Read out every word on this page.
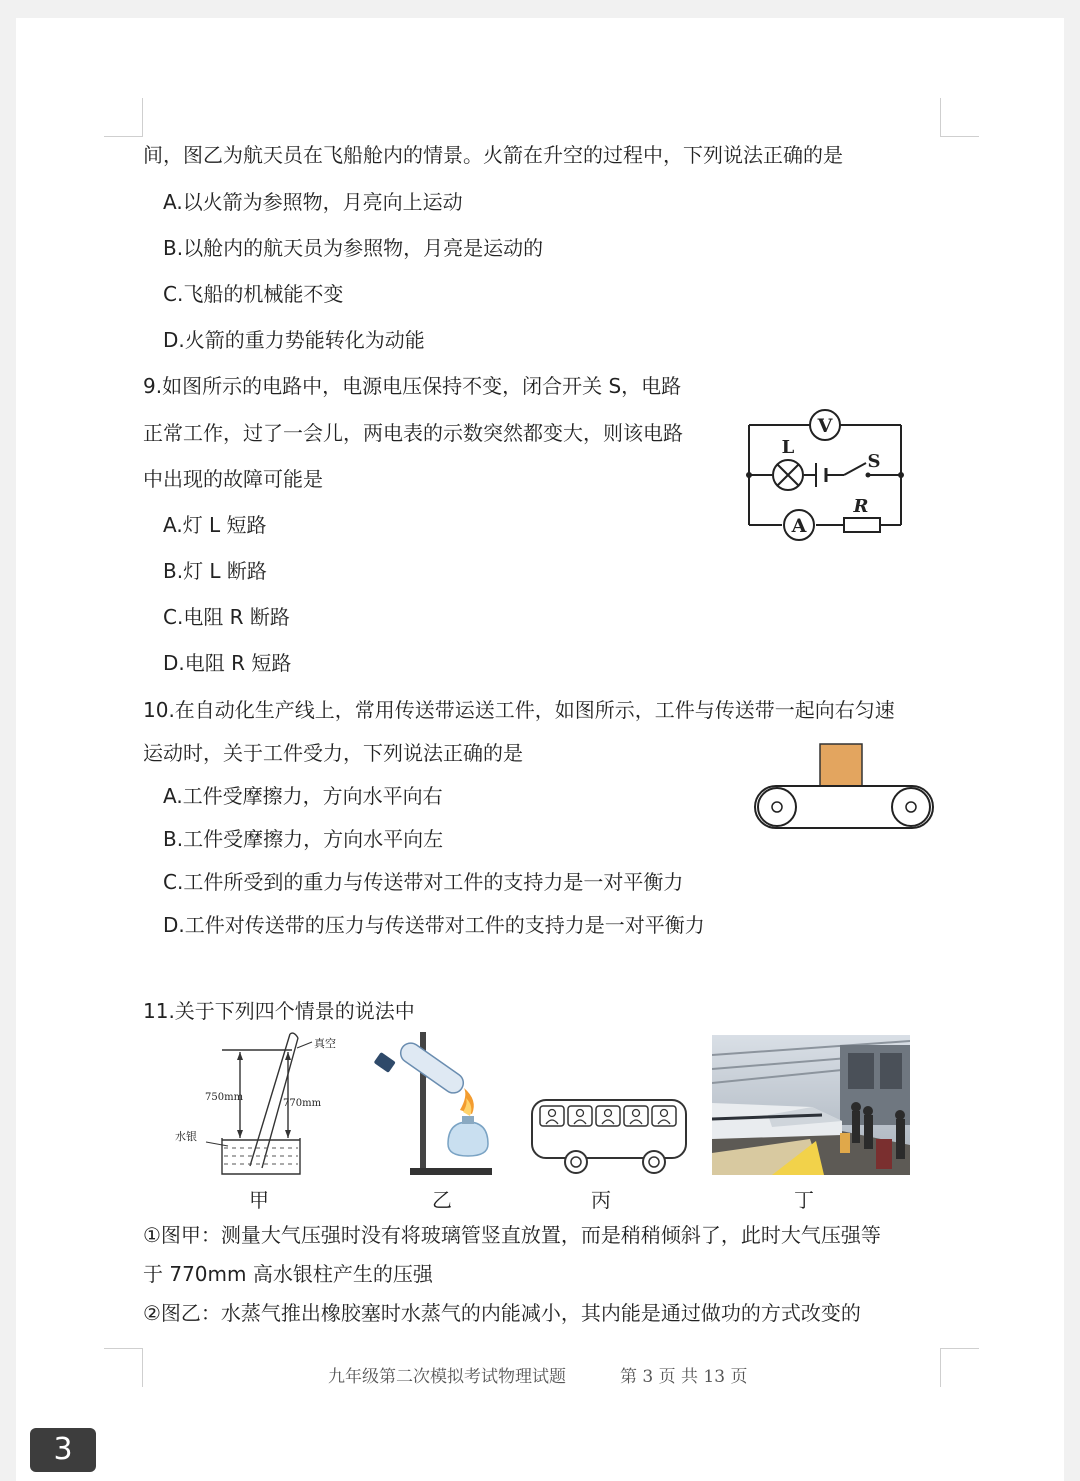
间，图乙为航天员在飞船舱内的情景。火箭在升空的过程中，下列说法正确的是
A.以火箭为参照物，月亮向上运动
B.以舱内的航天员为参照物，月亮是运动的
C.飞船的机械能不变
D.火箭的重力势能转化为动能
9.如图所示的电路中，电源电压保持不变，闭合开关 S，电路
正常工作，过了一会儿，两电表的示数突然都变大，则该电路
中出现的故障可能是
A.灯 L 短路
B.灯 L 断路
C.电阻 R 断路
D.电阻 R 短路
V
L
S
A
R
10.在自动化生产线上，常用传送带运送工件，如图所示，工件与传送带一起向右匀速
运动时，关于工件受力，下列说法正确的是
A.工件受摩擦力，方向水平向右
B.工件受摩擦力，方向水平向左
C.工件所受到的重力与传送带对工件的支持力是一对平衡力
D.工件对传送带的压力与传送带对工件的支持力是一对平衡力
11.关于下列四个情景的说法中
真空
750mm
770mm
水银
甲	乙	丙	丁
①图甲：测量大气压强时没有将玻璃管竖直放置，而是稍稍倾斜了，此时大气压强等
于 770mm 高水银柱产生的压强
②图乙：水蒸气推出橡胶塞时水蒸气的内能减小，其内能是通过做功的方式改变的
九年级第二次模拟考试物理试题	第 3 页 共 13 页
3
